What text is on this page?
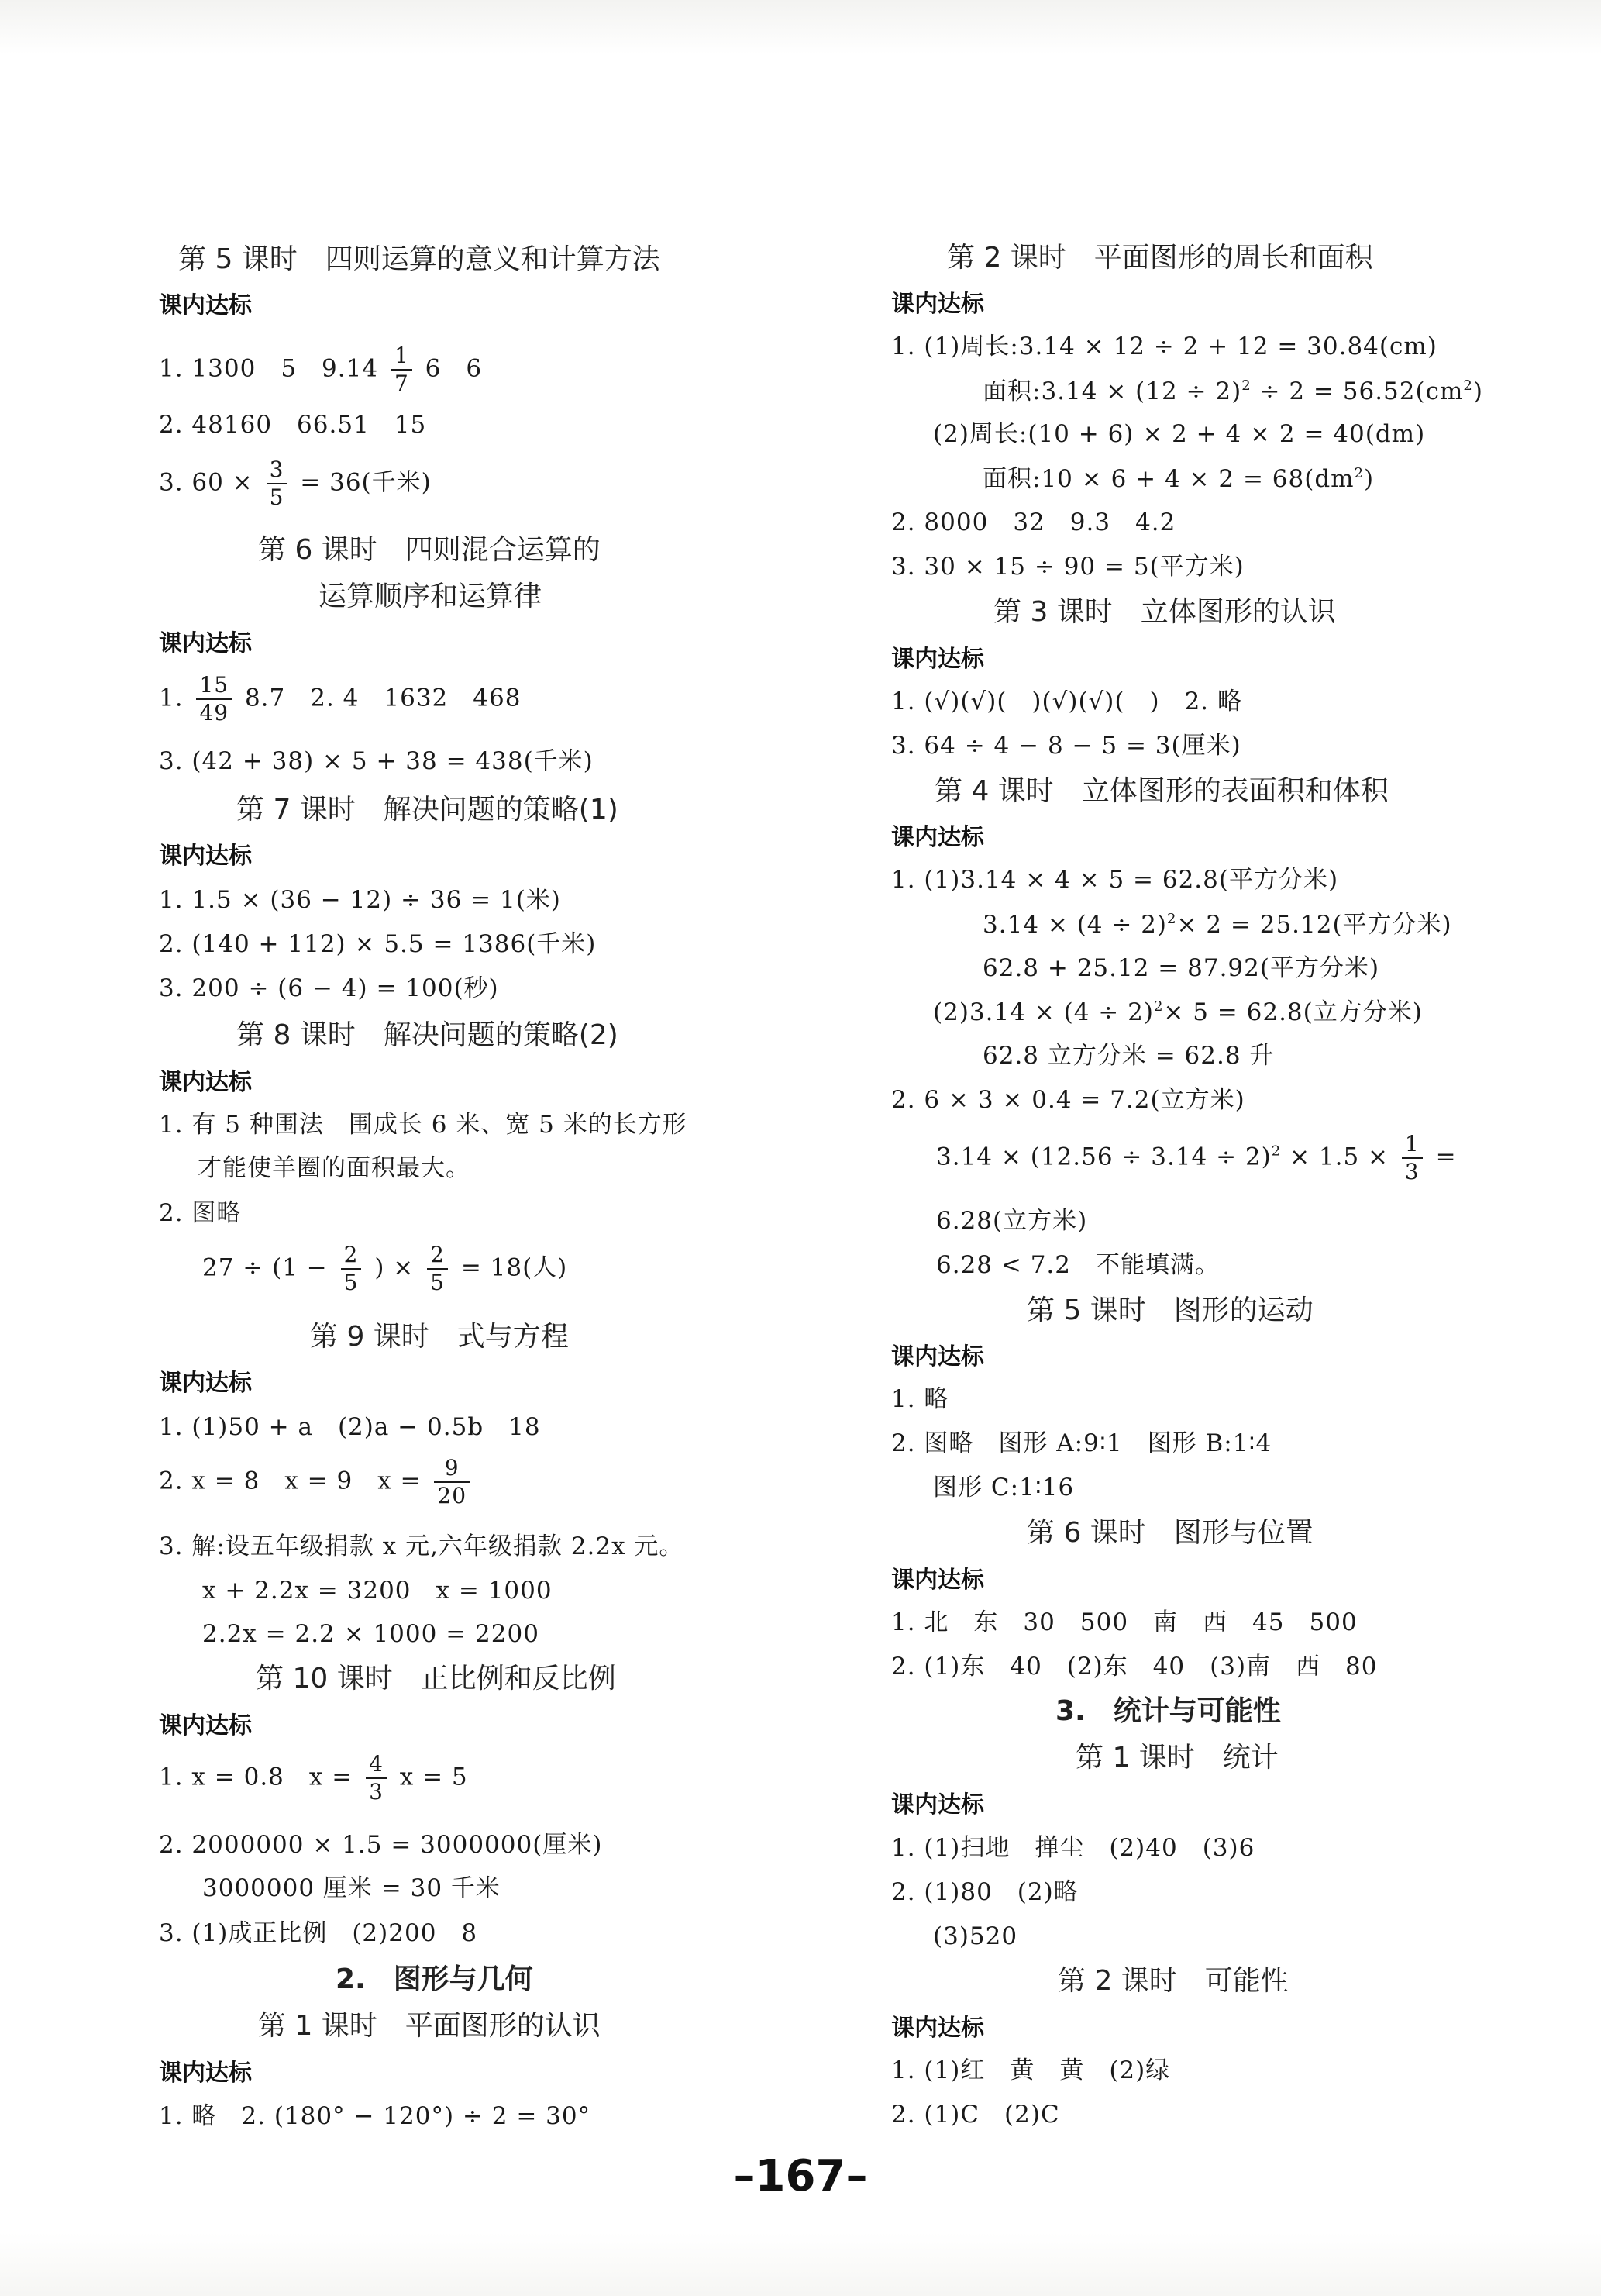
第 5 课时　四则运算的意义和计算方法
课内达标
1. 1300　5　$9.14 \frac{1}{7} 6$　6
2. 48160　66.51　15
3. $60 \times \frac{3}{5} = 36$(千米)
第 6 课时　四则混合运算的
运算顺序和运算律
课内达标
1. $\frac{15}{49} 8.7$　2. 4　1632　468
3. (42 + 38) × 5 + 38 = 438(千米)
第 7 课时　解决问题的策略(1)
课内达标
1. 1.5 × (36 − 12) ÷ 36 = 1(米)
2. (140 + 112) × 5.5 = 1386(千米)
3. 200 ÷ (6 − 4) = 100(秒)
第 8 课时　解决问题的策略(2)
课内达标
1. 有 5 种围法　围成长 6 米、宽 5 米的长方形
才能使羊圈的面积最大。
2. 图略
$27 \div (1 - \frac{2}{5}$ ) × $\frac{2}{5} = 18$(人)
第 9 课时　式与方程
课内达标
1. (1)50 + a　(2)a − 0.5b　18
2. x = 8　x = 9　$x = \frac{9}{20}$
3. 解:设五年级捐款 x 元,六年级捐款 2.2x 元。
x + 2.2x = 3200　x = 1000
2.2x = 2.2 × 1000 = 2200
第 10 课时　正比例和反比例
课内达标
1. x = 0.8　$x = \frac{4}{3}$ x = 5
2. 2000000 × 1.5 = 3000000(厘米)
3000000 厘米 = 30 千米
3. (1)成正比例　(2)200　8
2.　图形与几何
第 1 课时　平面图形的认识
课内达标
1. 略　2. (180° − 120°) ÷ 2 = 30°
第 2 课时　平面图形的周长和面积
课内达标
1. (1)周长:3.14 × 12 ÷ 2 + 12 = 30.84(cm)
面积:3.14 × $(12 \div 2)^2 \div 2 = 56.52(cm^2)$
(2)周长:(10 + 6) × 2 + 4 × 2 = 40(dm)
面积:10 × $6 + 4 \times 2 = 68(dm^2)$
2. 8000　32　9.3　4.2
3. 30 × 15 ÷ 90 = 5(平方米)
第 3 课时　立体图形的认识
课内达标
1. (√)(√)(　)(√)(√)(　)　2. 略
3. 64 ÷ 4 − 8 − 5 = 3(厘米)
第 4 课时　立体图形的表面积和体积
课内达标
1. (1)3.14 × 4 × 5 = 62.8(平方分米)
$3.14 \times (4 \div 2)^2\times 2 = 25.12$(平方分米)
62.8 + 25.12 = 87.92(平方分米)
$(2)3.14 \times (4 \div 2)^2\times 5 = 62.8$(立方分米)
62.8 立方分米 = 62.8 升
2. 6 × 3 × 0.4 = 7.2(立方米)
$3.14 \times (12.56 \div 3.14 \div 2)^2 \times 1.5 \times \frac{1}{3}$ =
6.28(立方米)
6.28 < 7.2　不能填满。
第 5 课时　图形的运动
课内达标
1. 略
2. 图略　图形 A:9∶1　图形 B:1∶4
图形 C:1∶16
第 6 课时　图形与位置
课内达标
1. 北　东　30　500　南　西　45　500
2. (1)东　40　(2)东　40　(3)南　西　80
3.　统计与可能性
第 1 课时　统计
课内达标
1. (1)扫地　掸尘　(2)40　(3)6
2. (1)80　(2)略
(3)520
第 2 课时　可能性
课内达标
1. (1)红　黄　黄　(2)绿
2. (1)C　(2)C
–167–
